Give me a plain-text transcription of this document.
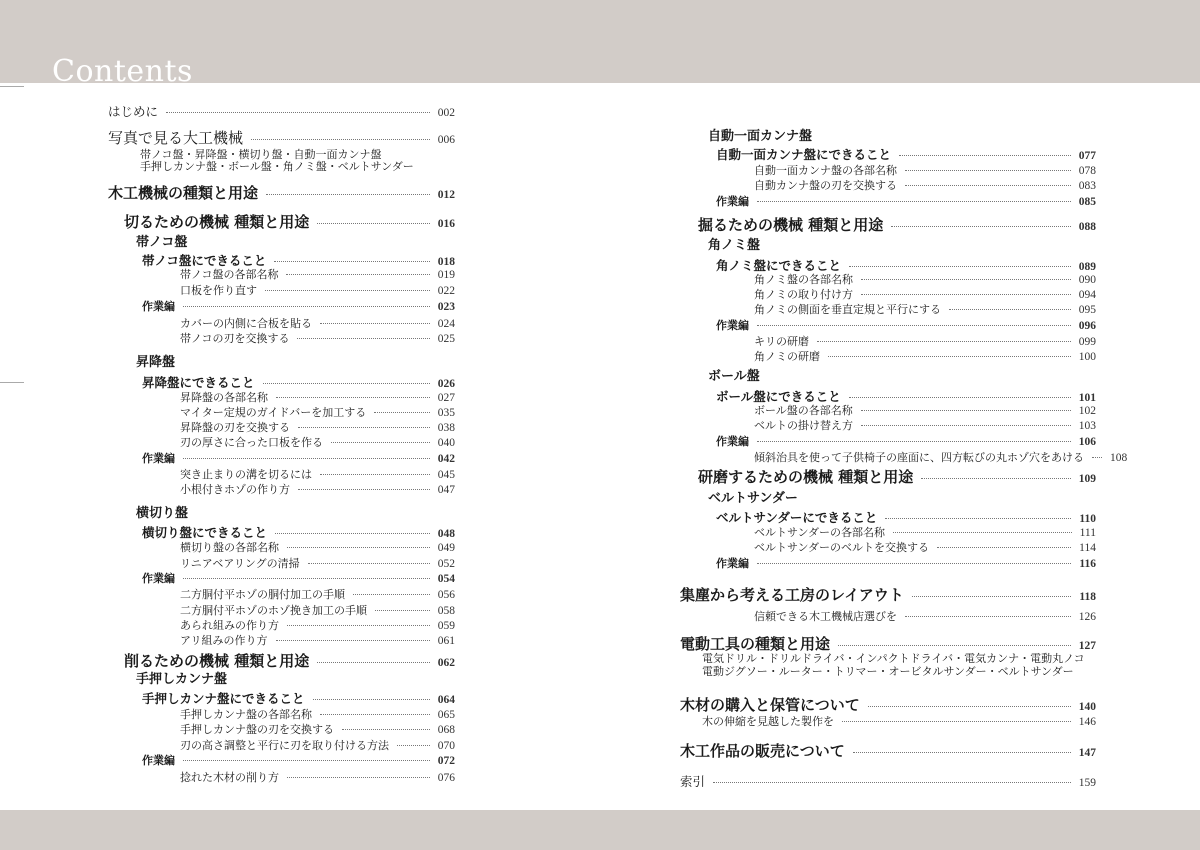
Contents
はじめに	002
写真で見る大工機械	006
帯ノコ盤・昇降盤・横切り盤・自動一面カンナ盤
手押しカンナ盤・ボール盤・角ノミ盤・ベルトサンダー
木工機械の種類と用途	012
切るための機械 種類と用途	016
帯ノコ盤
帯ノコ盤にできること	018
帯ノコ盤の各部名称	019
口板を作り直す	022
作業編	023
カバーの内側に合板を貼る	024
帯ノコの刃を交換する	025
昇降盤
昇降盤にできること	026
昇降盤の各部名称	027
マイター定規のガイドバーを加工する	035
昇降盤の刃を交換する	038
刃の厚さに合った口板を作る	040
作業編	042
突き止まりの溝を切るには	045
小根付きホゾの作り方	047
横切り盤
横切り盤にできること	048
横切り盤の各部名称	049
リニアベアリングの清掃	052
作業編	054
二方胴付平ホゾの胴付加工の手順	056
二方胴付平ホゾのホゾ挽き加工の手順	058
あられ組みの作り方	059
アリ組みの作り方	061
削るための機械 種類と用途	062
手押しカンナ盤
手押しカンナ盤にできること	064
手押しカンナ盤の各部名称	065
手押しカンナ盤の刃を交換する	068
刃の高さ調整と平行に刃を取り付ける方法	070
作業編	072
捻れた木材の削り方	076
自動一面カンナ盤
自動一面カンナ盤にできること	077
自動一面カンナ盤の各部名称	078
自動カンナ盤の刃を交換する	083
作業編	085
掘るための機械 種類と用途	088
角ノミ盤
角ノミ盤にできること	089
角ノミ盤の各部名称	090
角ノミの取り付け方	094
角ノミの側面を垂直定規と平行にする	095
作業編	096
キリの研磨	099
角ノミの研磨	100
ボール盤
ボール盤にできること	101
ボール盤の各部名称	102
ベルトの掛け替え方	103
作業編	106
傾斜治具を使って子供椅子の座面に、四方転びの丸ホゾ穴をあける 108
研磨するための機械 種類と用途	109
ベルトサンダー
ベルトサンダーにできること	110
ベルトサンダーの各部名称	111
ベルトサンダーのベルトを交換する	114
作業編	116
集塵から考える工房のレイアウト	118
信頼できる木工機械店選びを	126
電動工具の種類と用途	127
電気ドリル・ドリルドライバ・インパクトドライバ・電気カンナ・電動丸ノコ
電動ジグソー・ルーター・トリマー・オービタルサンダー・ベルトサンダー
木材の購入と保管について	140
木の伸縮を見越した製作を	146
木工作品の販売について	147
索引	159
